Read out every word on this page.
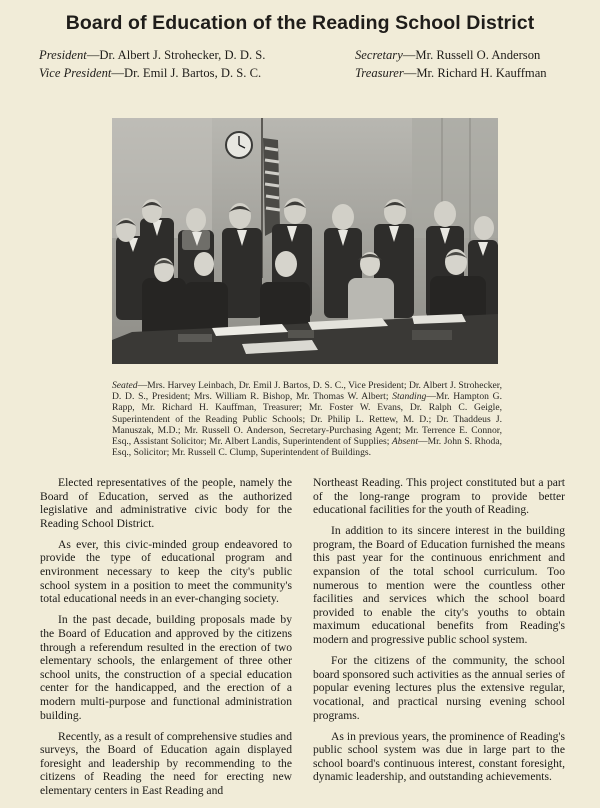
Board of Education of the Reading School District
President—Dr. Albert J. Strohecker, D. D. S.
Vice President—Dr. Emil J. Bartos, D. S. C.
Secretary—Mr. Russell O. Anderson
Treasurer—Mr. Richard H. Kauffman
Seated—Mrs. Harvey Leinbach, Dr. Emil J. Bartos, D. S. C., Vice President; Dr. Albert J. Strohecker, D. D. S., President; Mrs. William R. Bishop, Mr. Thomas W. Albert; Standing—Mr. Hampton G. Rapp, Mr. Richard H. Kauffman, Treasurer; Mr. Foster W. Evans, Dr. Ralph C. Geigle, Superintendent of the Reading Public Schools; Dr. Philip L. Rettew, M. D.; Dr. Thaddeus J. Manuszak, M.D.; Mr. Russell O. Anderson, Secretary-Purchasing Agent; Mr. Terrence E. Connor, Esq., Assistant Solicitor; Mr. Albert Landis, Superintendent of Supplies; Absent—Mr. John S. Rhoda, Esq., Solicitor; Mr. Russell C. Clump, Superintendent of Buildings.

Elected representatives of the people, namely the Board of Education, served as the authorized legislative and administrative civic body for the Reading School District.

As ever, this civic-minded group endeavored to provide the type of educational program and environment necessary to keep the city's public school system in a position to meet the community's total educational needs in an ever-changing society.

In the past decade, building proposals made by the Board of Education and approved by the citizens through a referendum resulted in the erection of two elementary schools, the enlargement of three other school units, the construction of a special education center for the handicapped, and the erection of a modern multi-purpose and functional administration building.

Recently, as a result of comprehensive studies and surveys, the Board of Education again displayed foresight and leadership by recommending to the citizens of Reading the need for erecting new elementary centers in East Reading and

Northeast Reading. This project constituted but a part of the long-range program to provide better educational facilities for the youth of Reading.

In addition to its sincere interest in the building program, the Board of Education furnished the means this past year for the continuous enrichment and expansion of the total school curriculum. Too numerous to mention were the countless other facilities and services which the school board provided to enable the city's youths to obtain maximum educational benefits from Reading's modern and progressive public school system.

For the citizens of the community, the school board sponsored such activities as the annual series of popular evening lectures plus the extensive regular, vocational, and practical nursing evening school programs.

As in previous years, the prominence of Reading's public school system was due in large part to the school board's continuous interest, constant foresight, dynamic leadership, and outstanding achievements.
